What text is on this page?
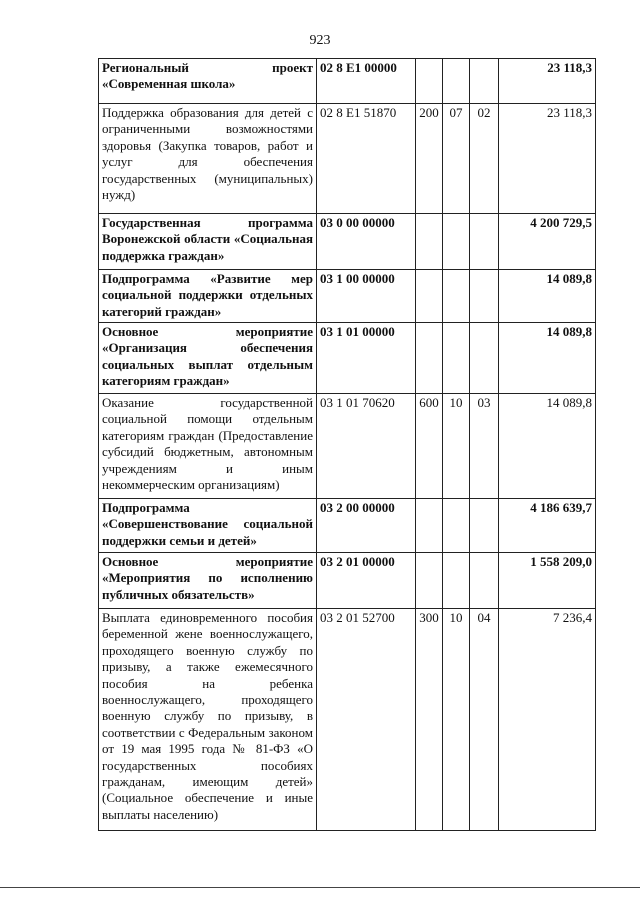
923
Региональный проект «Современная школа»	02 8 E1 00000				23 118,3
Поддержка образования для детей с ограниченными возможностями здоровья (Закупка товаров, работ и услуг для обеспечения государственных (муниципальных) нужд)	02 8 E1 51870	200	07	02	23 118,3
Государственная программа Воронежской области «Социальная поддержка граждан»	03 0 00 00000				4 200 729,5
Подпрограмма «Развитие мер социальной поддержки отдельных категорий граждан»	03 1 00 00000				14 089,8
Основное мероприятие «Организация обеспечения социальных выплат отдельным категориям граждан»	03 1 01 00000				14 089,8
Оказание государственной социальной помощи отдельным категориям граждан (Предоставление субсидий бюджетным, автономным учреждениям и иным некоммерческим организациям)	03 1 01 70620	600	10	03	14 089,8
Подпрограмма «Совершенствование социальной поддержки семьи и детей»	03 2 00 00000				4 186 639,7
Основное мероприятие «Мероприятия по исполнению публичных обязательств»	03 2 01 00000				1 558 209,0
Выплата единовременного пособия беременной жене военнослужащего, проходящего военную службу по призыву, а также ежемесячного пособия на ребенка военнослужащего, проходящего военную службу по призыву, в соответствии с Федеральным законом от 19 мая 1995 года № 81-ФЗ «О государственных пособиях гражданам, имеющим детей» (Социальное обеспечение и иные выплаты населению)	03 2 01 52700	300	10	04	7 236,4
